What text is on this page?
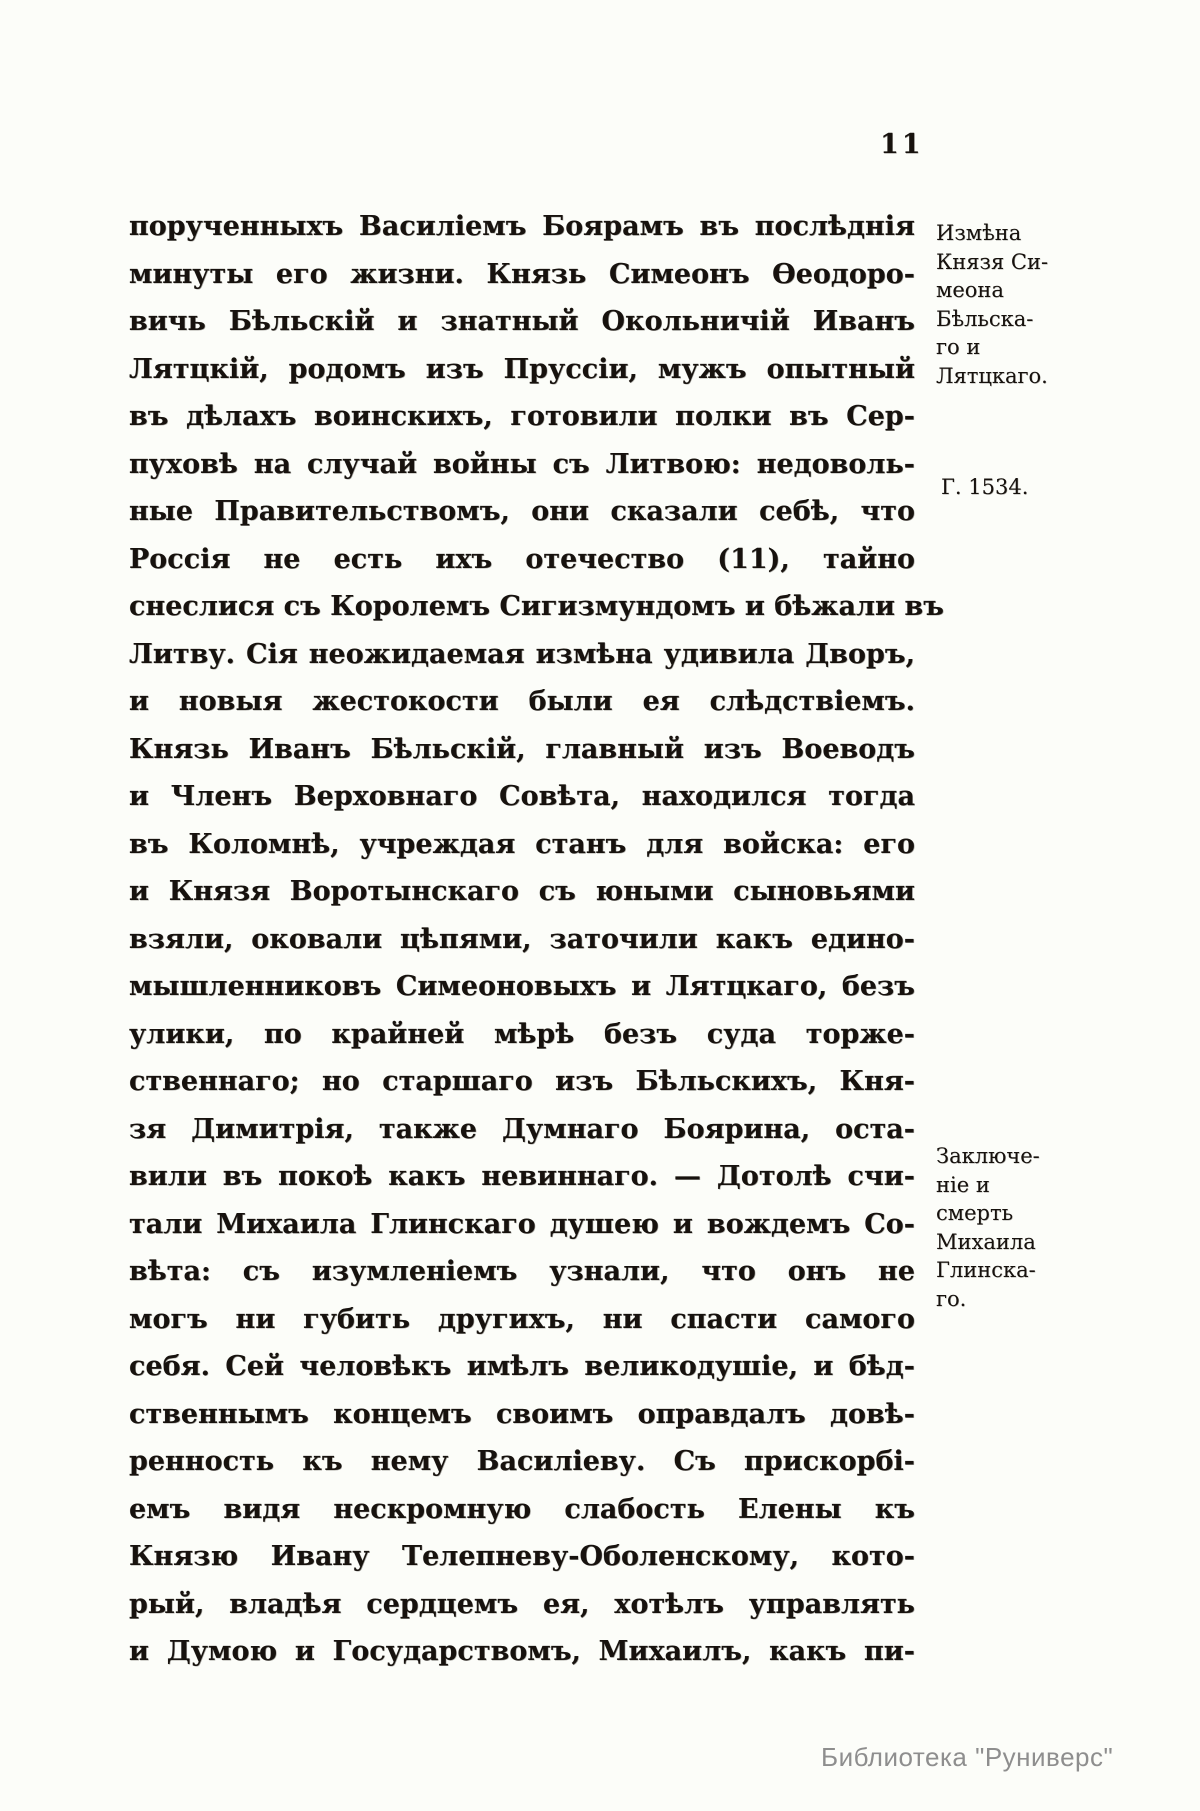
11
порученныхъ Василіемъ Боярамъ въ послѣднія
минуты его жизни. Князь Симеонъ Ѳеодоро-
вичь Бѣльскій и знатный Окольничій Иванъ
Лятцкій, родомъ изъ Пруссіи, мужъ опытный
въ дѣлахъ воинскихъ, готовили полки въ Сер-
пуховѣ на случай войны съ Литвою: недоволь-
ные Правительствомъ, они сказали себѣ, что
Россія не есть ихъ отечество (11), тайно
снеслися съ Королемъ Сигизмундомъ и бѣжали въ
Литву. Сія неожидаемая измѣна удивила Дворъ,
и новыя жестокости были ея слѣдствіемъ.
Князь Иванъ Бѣльскій, главный изъ Воеводъ
и Членъ Верховнаго Совѣта, находился тогда
въ Коломнѣ, учреждая станъ для войска: его
и Князя Воротынскаго съ юными сыновьями
взяли, оковали цѣпями, заточили какъ едино-
мышленниковъ Симеоновыхъ и Лятцкаго, безъ
улики, по крайней мѣрѣ безъ суда торже-
ственнаго; но старшаго изъ Бѣльскихъ, Кня-
зя Димитрія, также Думнаго Боярина, оста-
вили въ покоѣ какъ невиннаго. — Дотолѣ счи-
тали Михаила Глинскаго душею и вождемъ Со-
вѣта: съ изумленіемъ узнали, что онъ не
могъ ни губить другихъ, ни спасти самого
себя. Сей человѣкъ имѣлъ великодушіе, и бѣд-
ственнымъ концемъ своимъ оправдалъ довѣ-
ренность къ нему Василіеву. Съ прискорбі-
емъ видя нескромную слабость Елены къ
Князю Ивану Телепневу-Оболенскому, кото-
рый, владѣя сердцемъ ея, хотѣлъ управлять
и Думою и Государствомъ, Михаилъ, какъ пи-
Измѣна
Князя Си-
меона
Бѣльска-
го и
Лятцкаго.
Г. 1534.
Заключе-
ніе и
смерть
Михаила
Глинска-
го.
Библиотека "Руниверс"
